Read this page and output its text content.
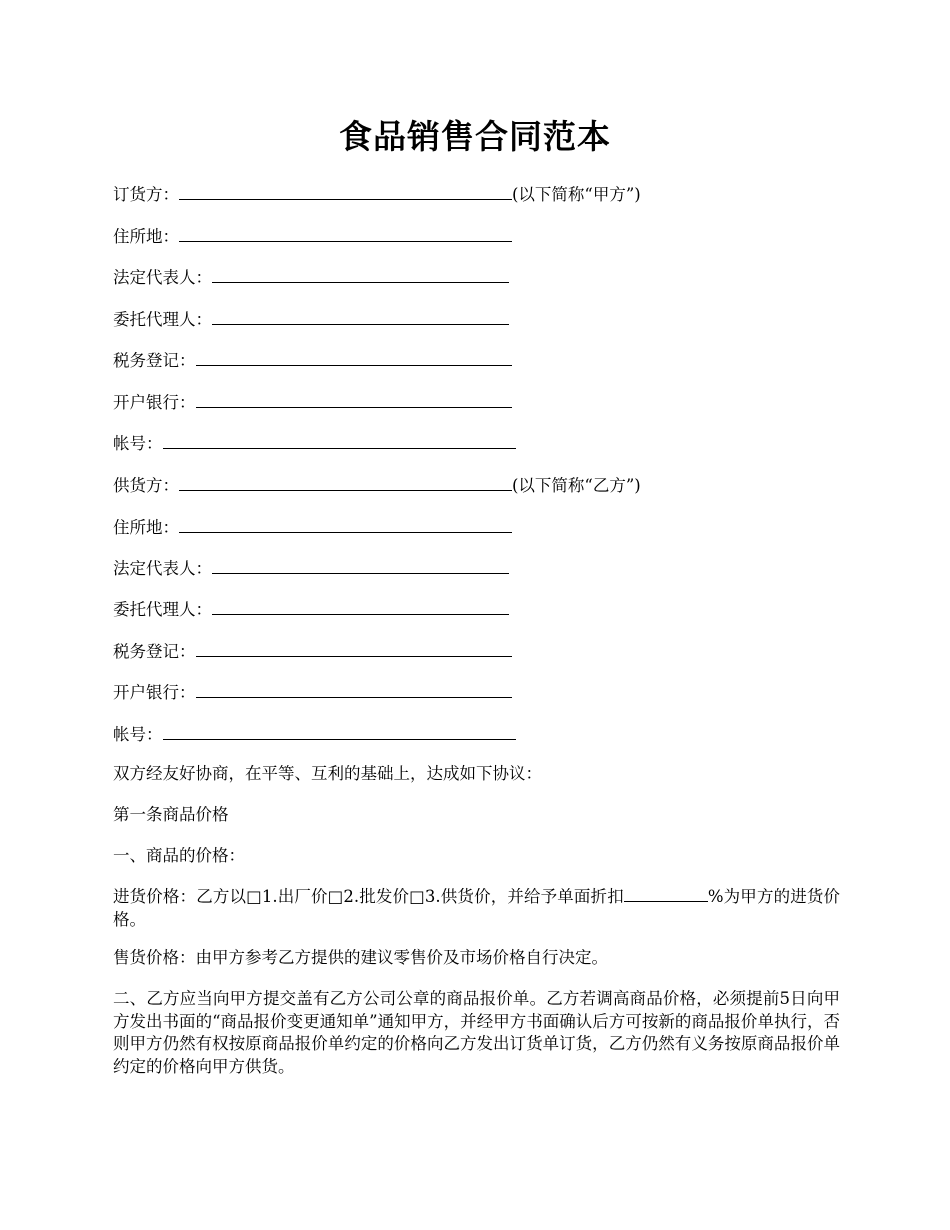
食品销售合同范本
订货方：	(以下简称“甲方”)
住所地：
法定代表人：
委托代理人：
税务登记：
开户银行：
帐号：
供货方：	(以下简称“乙方”)
住所地：
法定代表人：
委托代理人：
税务登记：
开户银行：
帐号：
双方经友好协商，在平等、互利的基础上，达成如下协议：
第一条商品价格
一、商品的价格：
进货价格：乙方以□1.出厂价□2.批发价□3.供货价，并给予单面折扣	%为甲方的进货价格。
售货价格：由甲方参考乙方提供的建议零售价及市场价格自行决定。
二、乙方应当向甲方提交盖有乙方公司公章的商品报价单。乙方若调高商品价格，必须提前5日向甲方发出书面的“商品报价变更通知单”通知甲方，并经甲方书面确认后方可按新的商品报价单执行，否则甲方仍然有权按原商品报价单约定的价格向乙方发出订货单订货，乙方仍然有义务按原商品报价单约定的价格向甲方供货。
